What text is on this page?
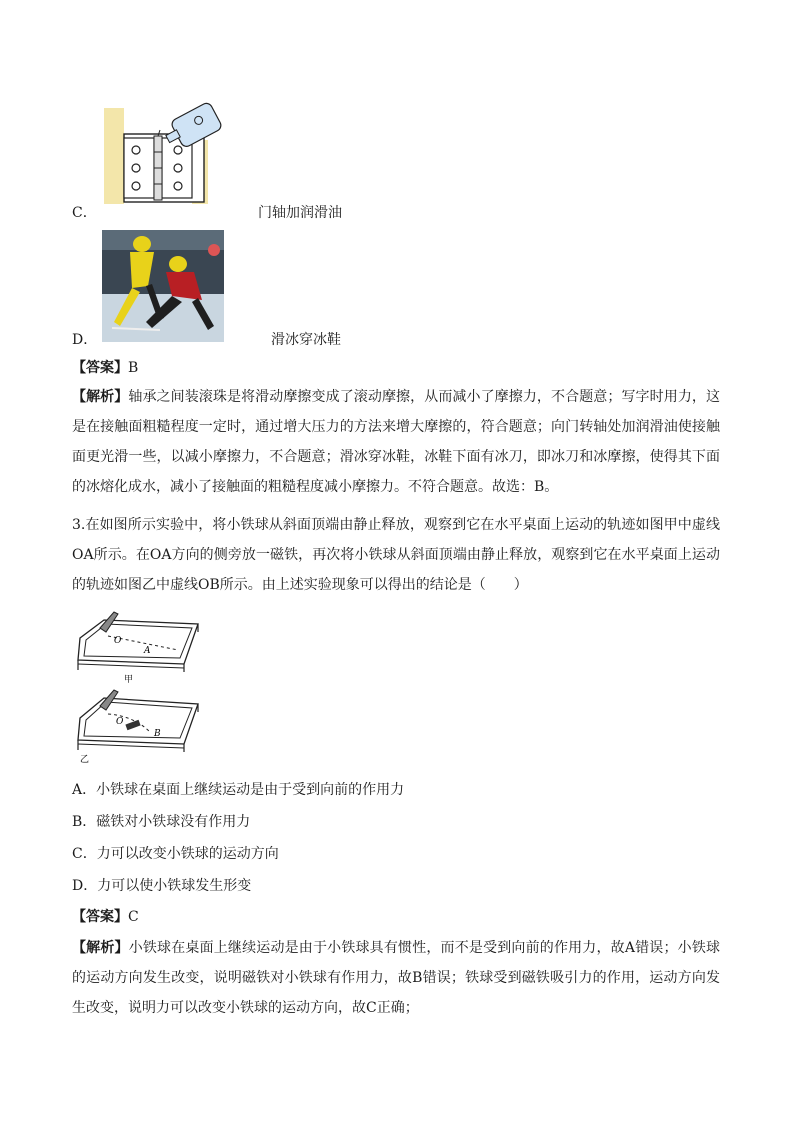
C．	门轴加润滑油
D．	滑冰穿冰鞋
【答案】B
【解析】轴承之间装滚珠是将滑动摩擦变成了滚动摩擦，从而减小了摩擦力，不合题意；写字时用力，这是在接触面粗糙程度一定时，通过增大压力的方法来增大摩擦的，符合题意；向门转轴处加润滑油使接触面更光滑一些，以减小摩擦力，不合题意；滑冰穿冰鞋，冰鞋下面有冰刀，即冰刀和冰摩擦，使得其下面的冰熔化成水，减小了接触面的粗糙程度减小摩擦力。不符合题意。故选：B。
3.在如图所示实验中，将小铁球从斜面顶端由静止释放，观察到它在水平桌面上运动的轨迹如图甲中虚线OA所示。在OA方向的侧旁放一磁铁，再次将小铁球从斜面顶端由静止释放，观察到它在水平桌面上运动的轨迹如图乙中虚线OB所示。由上述实验现象可以得出的结论是（　　）
O
A
甲
O
B
乙
A．小铁球在桌面上继续运动是由于受到向前的作用力
B．磁铁对小铁球没有作用力
C．力可以改变小铁球的运动方向
D．力可以使小铁球发生形变
【答案】C
【解析】小铁球在桌面上继续运动是由于小铁球具有惯性，而不是受到向前的作用力，故A错误；小铁球的运动方向发生改变，说明磁铁对小铁球有作用力，故B错误；铁球受到磁铁吸引力的作用，运动方向发生改变，说明力可以改变小铁球的运动方向，故C正确；
